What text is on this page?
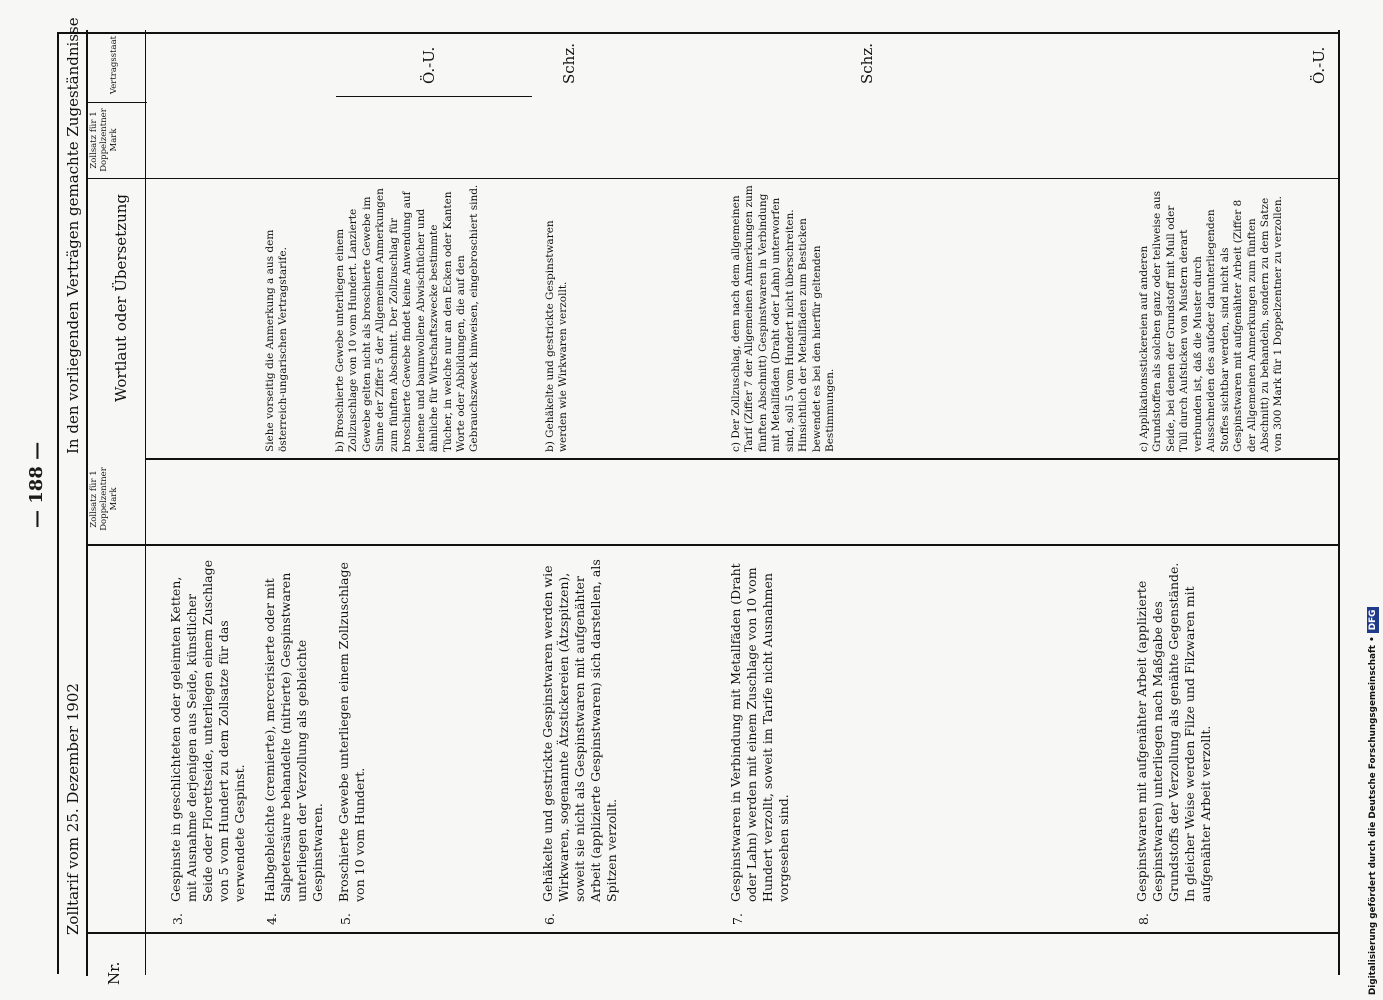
— 188 —
Zolltarif vom 25. Dezember 1902
In den vorliegenden Verträgen gemachte Zugeständnisse
Nr.
Zollsatz für 1 Doppelzentner Mark
Wortlaut oder Übersetzung
Zollsatz für 1 Doppelzentner Mark
Vertragsstaat
3.
Gespinste in geschlichteten oder geleimten Ketten, mit Ausnahme derjenigen aus Seide, künstlicher Seide oder Florettseide, unterliegen einem Zuschlage von 5 vom Hundert zu dem Zollsatze für das verwendete Gespinst.
4.
Halbgebleichte (cremierte), mercerisierte oder mit Salpetersäure behandelte (nitrierte) Gespinstwaren unterliegen der Verzollung als gebleichte Gespinstwaren.
5.
Broschierte Gewebe unterliegen einem Zollzuschlage von 10 vom Hundert.
6.
Gehäkelte und gestrickte Gespinstwaren werden wie Wirkwaren, sogenannte Ätzstickereien (Ätzspitzen), soweit sie nicht als Gespinstwaren mit aufgenähter Arbeit (applizierte Gespinstwaren) sich darstellen, als Spitzen verzollt.
7.
Gespinstwaren in Verbindung mit Metallfäden (Draht oder Lahn) werden mit einem Zuschlage von 10 vom Hundert verzollt, soweit im Tarife nicht Ausnahmen vorgesehen sind.
8.
Gespinstwaren mit aufgenähter Arbeit (applizierte Gespinstwaren) unterliegen nach Maßgabe des Grundstoffs der Verzollung als genähte Gegenstände. In gleicher Weise werden Filze und Filzwaren mit aufgenähter Arbeit verzollt.
Siehe vorseitig die Anmerkung a aus dem österreich-ungarischen Vertragstarife.
Ö.-U.
b) Broschierte Gewebe unterliegen einem Zollzuschlage von 10 vom Hundert. Lanzierte Gewebe gelten nicht als broschierte Gewebe im Sinne der Ziffer 5 der Allgemeinen Anmerkungen zum fünften Abschnitt. Der Zollzuschlag für broschierte Gewebe findet keine Anwendung auf leinene und baumwollene Abwischtücher und ähnliche für Wirtschaftszwecke bestimmte Tücher, in welche nur an den Ecken oder Kanten Worte oder Abbildungen, die auf den Gebrauchszweck hinweisen, eingebroschiert sind.	b) Gehäkelte und gestrickte Gespinstwaren werden wie Wirkwaren verzollt.
Schz.
c) Der Zollzuschlag, dem nach dem allgemeinen Tarif (Ziffer 7 der Allgemeinen Anmerkungen zum fünften Abschnitt) Gespinstwaren in Verbindung mit Metallfäden (Draht oder Lahn) unterworfen sind, soll 5 vom Hundert nicht überschreiten. Hinsichtlich der Metallfäden zum Besticken bewendet es bei den hierfür geltenden Bestimmungen.
Schz.
c) Applikationsstickereien auf anderen Grundstoffen als solchen ganz oder teilweise aus Seide, bei denen der Grundstoff mit Mull oder Tüll durch Aufsticken von Mustern derart verbunden ist, daß die Muster durch Ausschneiden des aufoder darunterliegenden Stoffes sichtbar werden, sind nicht als Gespinstwaren mit aufgenähter Arbeit (Ziffer 8 der Allgemeinen Anmerkungen zum fünften Abschnitt) zu behandeln, sondern zu dem Satze von 300 Mark für 1 Doppelzentner zu verzollen.
Ö.-U.
Digitalisierung gefördert durch die Deutsche Forschungsgemeinschaft • DFG
